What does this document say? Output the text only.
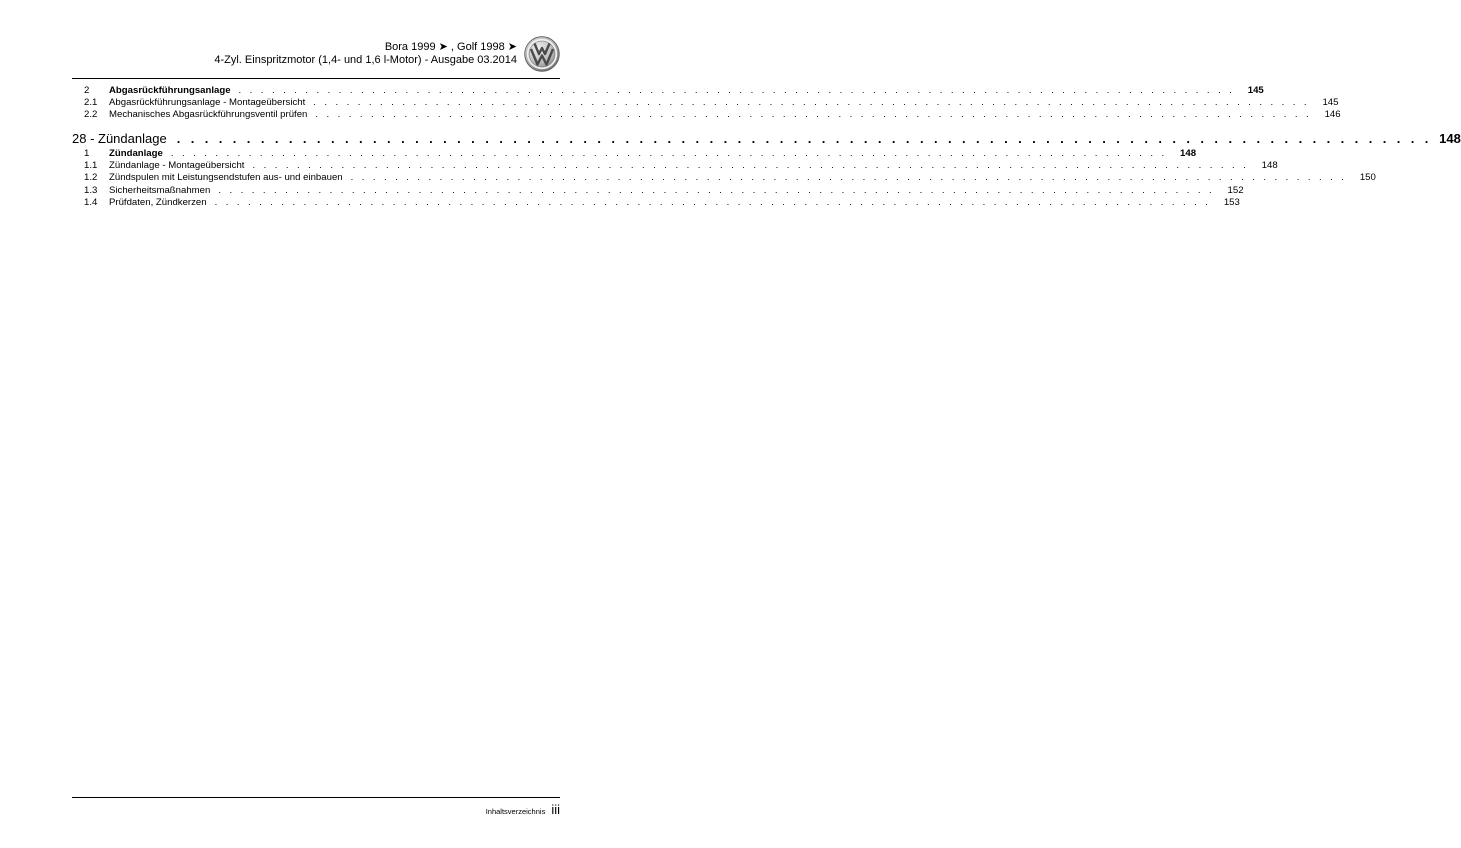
Bora 1999 ➤ , Golf 1998 ➤
4-Zyl. Einspritzmotor (1,4- und 1,6 l-Motor) - Ausgabe 03.2014
2	Abgasrückführungsanlage . . . . . . . . . . . . . . . . . . . . . . . . . . . . . . . . . . . . . . . . . . . . . . . . . . . . . . . . . . . . . . . . . . . . . . . . . . . . . . . . . . . . . . . . . .	145
2.1	Abgasrückführungsanlage - Montageübersicht . . . . . . . . . . . . . . . . . . . . . . . . . . . . . . . . . . . . . . . . . . . . . . . . . . . . . . . . . . . . . . . . . . . . . . . . . . . . . . . . . . . . . . . . . .	145
2.2	Mechanisches Abgasrückführungsventil prüfen . . . . . . . . . . . . . . . . . . . . . . . . . . . . . . . . . . . . . . . . . . . . . . . . . . . . . . . . . . . . . . . . . . . . . . . . . . . . . . . . . . . . . . . . . .	146
28 - Zündanlage . . . . . . . . . . . . . . . . . . . . . . . . . . . . . . . . . . . . . . . . . . . . . . . . . . . . . . . . . . . . . . . . . . . . . . . . . . . . . . . . . . . . . . . . . . 148
1	Zündanlage . . . . . . . . . . . . . . . . . . . . . . . . . . . . . . . . . . . . . . . . . . . . . . . . . . . . . . . . . . . . . . . . . . . . . . . . . . . . . . . . . . . . . . . . . .	148
1.1	Zündanlage - Montageübersicht . . . . . . . . . . . . . . . . . . . . . . . . . . . . . . . . . . . . . . . . . . . . . . . . . . . . . . . . . . . . . . . . . . . . . . . . . . . . . . . . . . . . . . . . . .	148
1.2	Zündspulen mit Leistungsendstufen aus- und einbauen . . . . . . . . . . . . . . . . . . . . . . . . . . . . . . . . . . . . . . . . . . . . . . . . . . . . . . . . . . . . . . . . . . . . . . . . . . . . . . . . . . . . . . . . . .	150
1.3	Sicherheitsmaßnahmen . . . . . . . . . . . . . . . . . . . . . . . . . . . . . . . . . . . . . . . . . . . . . . . . . . . . . . . . . . . . . . . . . . . . . . . . . . . . . . . . . . . . . . . . . .	152
1.4	Prüfdaten, Zündkerzen . . . . . . . . . . . . . . . . . . . . . . . . . . . . . . . . . . . . . . . . . . . . . . . . . . . . . . . . . . . . . . . . . . . . . . . . . . . . . . . . . . . . . . . . . .	153
Inhaltsverzeichnis iii
